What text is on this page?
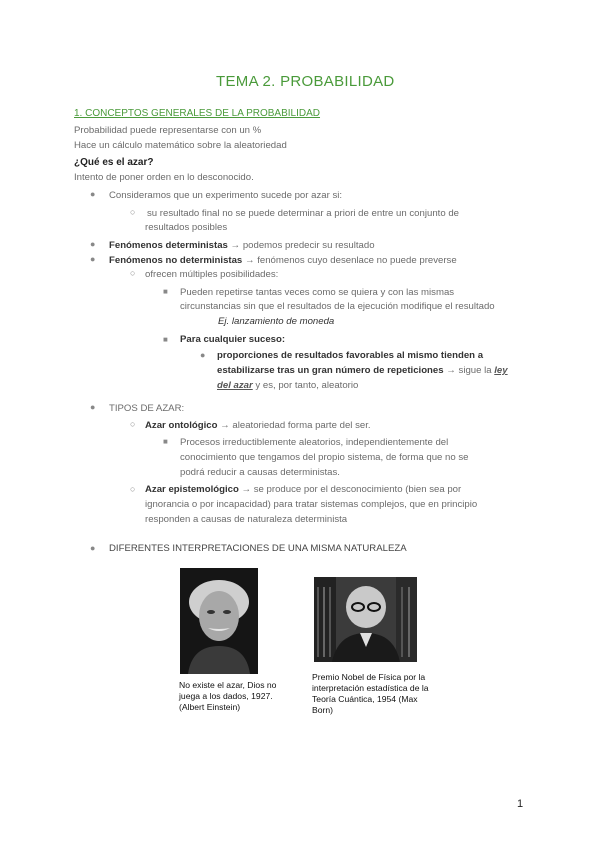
TEMA 2. PROBABILIDAD
1. CONCEPTOS GENERALES DE LA PROBABILIDAD
Probabilidad puede representarse con un %
Hace un cálculo matemático sobre la aleatoriedad
¿Qué es el azar?
Intento de poner orden en lo desconocido.
● Consideramos que un experimento sucede por azar si:
○ su resultado final no se puede determinar a priori de entre un conjunto de
resultados posibles
● Fenómenos deterministas → podemos predecir su resultado
● Fenómenos no deterministas → fenómenos cuyo desenlace no puede preverse
○ ofrecen múltiples posibilidades:
■ Pueden repetirse tantas veces como se quiera y con las mismas
circunstancias sin que el resultados de la ejecución modifique el resultado
Ej. lanzamiento de moneda
■ Para cualquier suceso:
● proporciones de resultados favorables al mismo tienden a
estabilizarse tras un gran número de repeticiones → sigue la ley
del azar y es, por tanto, aleatorio
● TIPOS DE AZAR:
○ Azar ontológico → aleatoriedad forma parte del ser.
■ Procesos irreductiblemente aleatorios, independientemente del
conocimiento que tengamos del propio sistema, de forma que no se
podrá reducir a causas deterministas.
○ Azar epistemológico → se produce por el desconocimiento (bien sea por
ignorancia o por incapacidad) para tratar sistemas complejos, que en principio
responden a causas de naturaleza determinista
● DIFERENTES INTERPRETACIONES DE UNA MISMA NATURALEZA
No existe el azar, Dios no juega a los dados, 1927. (Albert Einstein)
Premio Nobel de Física por la interpretación estadística de la Teoría Cuántica, 1954 (Max Born)
1
